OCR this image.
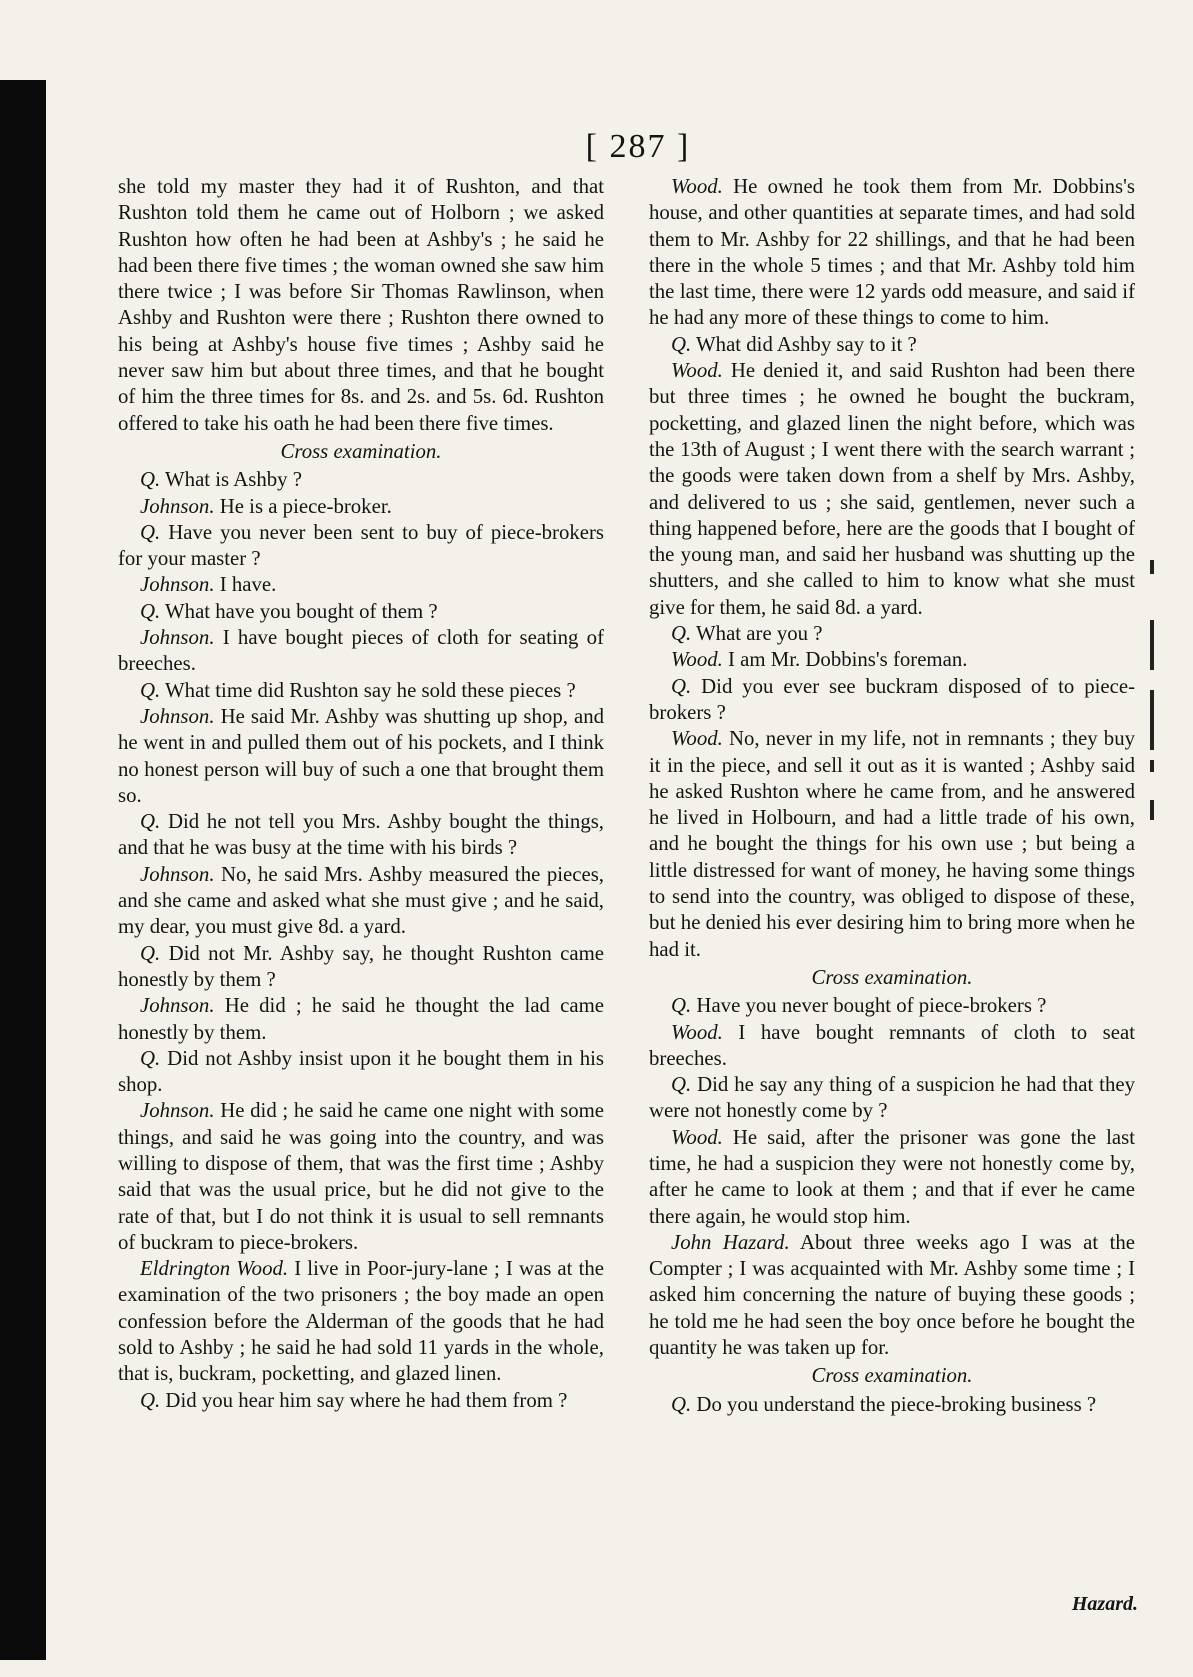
[ 287 ]

she told my master they had it of Rushton, and that Rushton told them he came out of Holborn ; we asked Rushton how often he had been at Ashby's ; he said he had been there five times ; the woman owned she saw him there twice ; I was before Sir Thomas Rawlinson, when Ashby and Rushton were there ; Rushton there owned to his being at Ashby's house five times ; Ashby said he never saw him but about three times, and that he bought of him the three times for 8s. and 2s. and 5s. 6d. Rushton offered to take his oath he had been there five times.

Cross examination.

Q. What is Ashby ?

Johnson. He is a piece-broker.

Q. Have you never been sent to buy of piece-brokers for your master ?

Johnson. I have.

Q. What have you bought of them ?

Johnson. I have bought pieces of cloth for seating of breeches.

Q. What time did Rushton say he sold these pieces ?

Johnson. He said Mr. Ashby was shutting up shop, and he went in and pulled them out of his pockets, and I think no honest person will buy of such a one that brought them so.

Q. Did he not tell you Mrs. Ashby bought the things, and that he was busy at the time with his birds ?

Johnson. No, he said Mrs. Ashby measured the pieces, and she came and asked what she must give ; and he said, my dear, you must give 8d. a yard.

Q. Did not Mr. Ashby say, he thought Rushton came honestly by them ?

Johnson. He did ; he said he thought the lad came honestly by them.

Q. Did not Ashby insist upon it he bought them in his shop.

Johnson. He did ; he said he came one night with some things, and said he was going into the country, and was willing to dispose of them, that was the first time ; Ashby said that was the usual price, but he did not give to the rate of that, but I do not think it is usual to sell remnants of buckram to piece-brokers.

Eldrington Wood. I live in Poor-jury-lane ; I was at the examination of the two prisoners ; the boy made an open confession before the Alderman of the goods that he had sold to Ashby ; he said he had sold 11 yards in the whole, that is, buckram, pocketting, and glazed linen.

Q. Did you hear him say where he had them from ?

Wood. He owned he took them from Mr. Dobbins's house, and other quantities at separate times, and had sold them to Mr. Ashby for 22 shillings, and that he had been there in the whole 5 times ; and that Mr. Ashby told him the last time, there were 12 yards odd measure, and said if he had any more of these things to come to him.

Q. What did Ashby say to it ?

Wood. He denied it, and said Rushton had been there but three times ; he owned he bought the buckram, pocketting, and glazed linen the night before, which was the 13th of August ; I went there with the search warrant ; the goods were taken down from a shelf by Mrs. Ashby, and delivered to us ; she said, gentlemen, never such a thing happened before, here are the goods that I bought of the young man, and said her husband was shutting up the shutters, and she called to him to know what she must give for them, he said 8d. a yard.

Q. What are you ?

Wood. I am Mr. Dobbins's foreman.

Q. Did you ever see buckram disposed of to piece-brokers ?

Wood. No, never in my life, not in remnants ; they buy it in the piece, and sell it out as it is wanted ; Ashby said he asked Rushton where he came from, and he answered he lived in Holbourn, and had a little trade of his own, and he bought the things for his own use ; but being a little distressed for want of money, he having some things to send into the country, was obliged to dispose of these, but he denied his ever desiring him to bring more when he had it.

Cross examination.

Q. Have you never bought of piece-brokers ?

Wood. I have bought remnants of cloth to seat breeches.

Q. Did he say any thing of a suspicion he had that they were not honestly come by ?

Wood. He said, after the prisoner was gone the last time, he had a suspicion they were not honestly come by, after he came to look at them ; and that if ever he came there again, he would stop him.

John Hazard. About three weeks ago I was at the Compter ; I was acquainted with Mr. Ashby some time ; I asked him concerning the nature of buying these goods ; he told me he had seen the boy once before he bought the quantity he was taken up for.

Cross examination.

Q. Do you understand the piece-broking business ?

Hazard.
